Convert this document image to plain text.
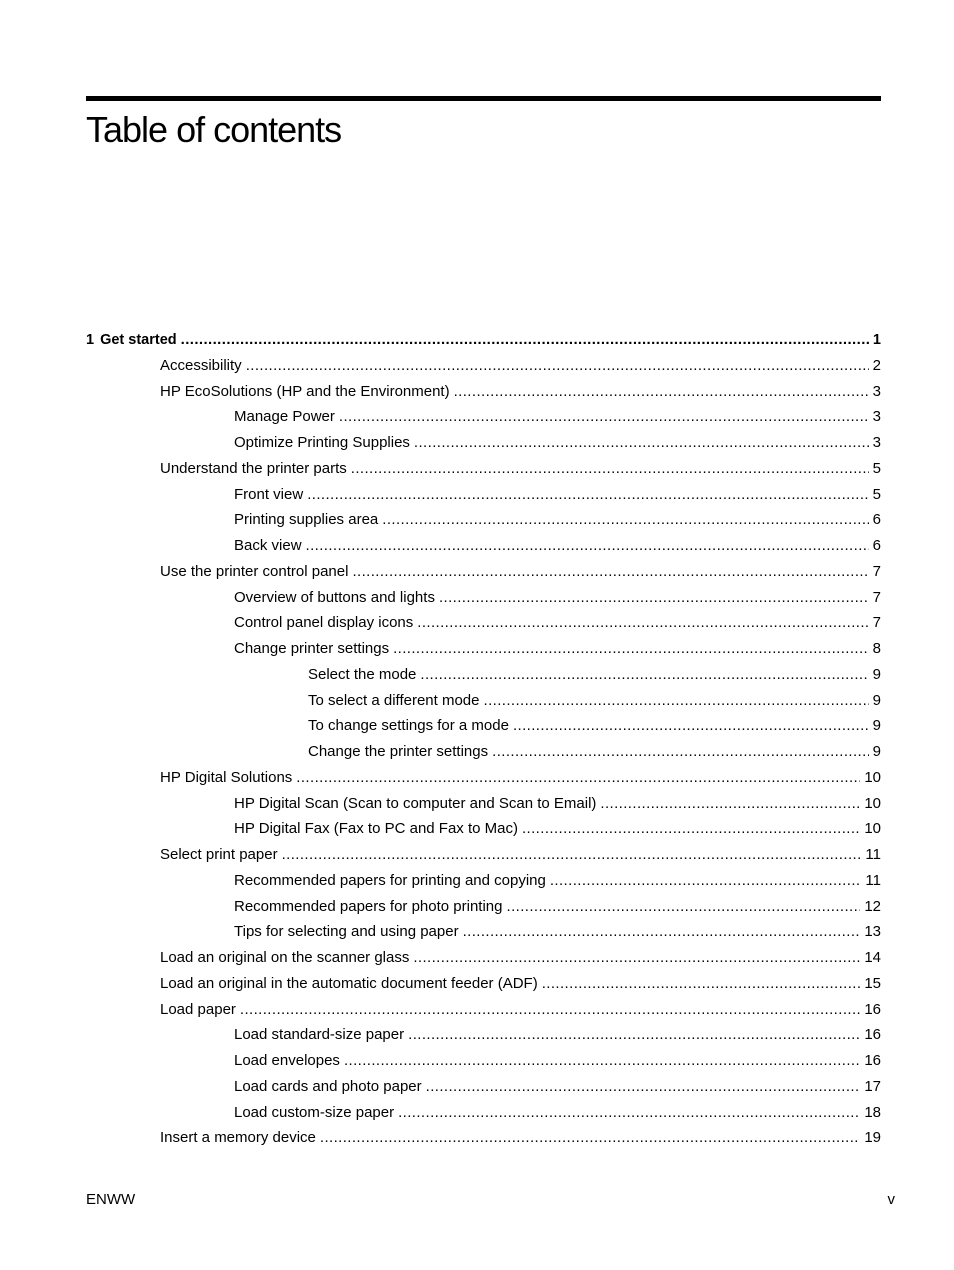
Table of contents
1 Get started .....	1
Accessibility .....	2
HP EcoSolutions (HP and the Environment) .....	3
Manage Power .....	3
Optimize Printing Supplies .....	3
Understand the printer parts .....	5
Front view .....	5
Printing supplies area .....	6
Back view .....	6
Use the printer control panel .....	7
Overview of buttons and lights .....	7
Control panel display icons .....	7
Change printer settings .....	8
Select the mode .....	9
To select a different mode .....	9
To change settings for a mode .....	9
Change the printer settings .....	9
HP Digital Solutions .....	10
HP Digital Scan (Scan to computer and Scan to Email) .....	10
HP Digital Fax (Fax to PC and Fax to Mac) .....	10
Select print paper .....	11
Recommended papers for printing and copying .....	11
Recommended papers for photo printing .....	12
Tips for selecting and using paper .....	13
Load an original on the scanner glass .....	14
Load an original in the automatic document feeder (ADF) .....	15
Load paper .....	16
Load standard-size paper .....	16
Load envelopes .....	16
Load cards and photo paper .....	17
Load custom-size paper .....	18
Insert a memory device .....	19
ENWW	v
